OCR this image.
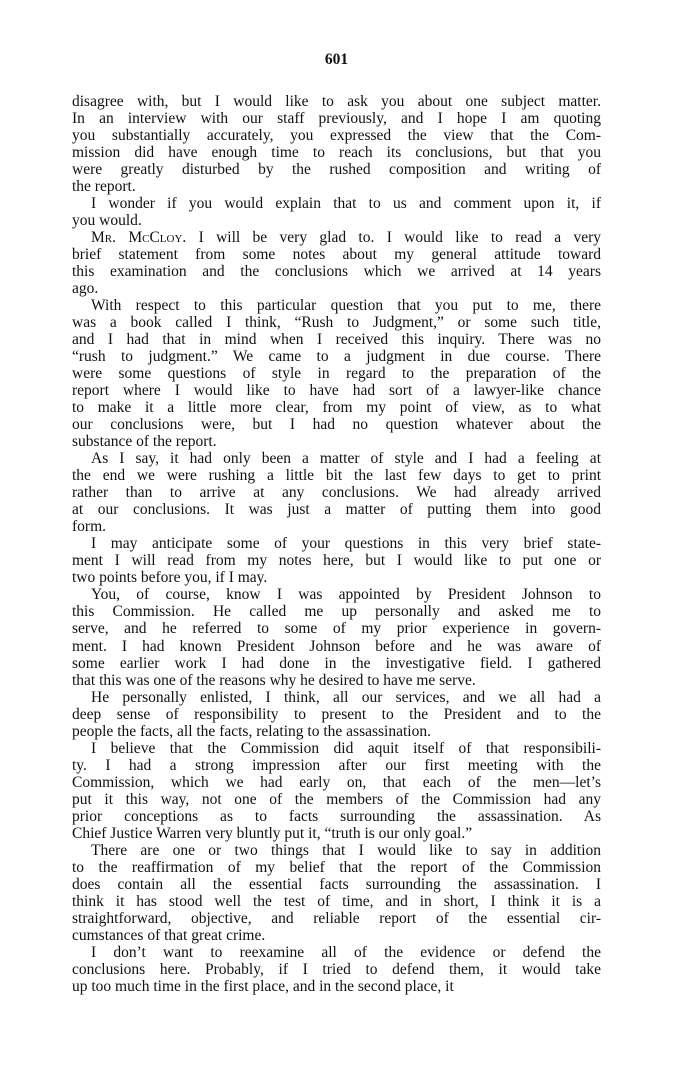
601
disagree with, but I would like to ask you about one subject matter.
In an interview with our staff previously, and I hope I am quoting
you substantially accurately, you expressed the view that the Com-
mission did have enough time to reach its conclusions, but that you
were greatly disturbed by the rushed composition and writing of
the report.
I wonder if you would explain that to us and comment upon it, if
you would.
Mr. McCloy. I will be very glad to. I would like to read a very
brief statement from some notes about my general attitude toward
this examination and the conclusions which we arrived at 14 years
ago.
With respect to this particular question that you put to me, there
was a book called I think, “Rush to Judgment,” or some such title,
and I had that in mind when I received this inquiry. There was no
“rush to judgment.” We came to a judgment in due course. There
were some questions of style in regard to the preparation of the
report where I would like to have had sort of a lawyer-like chance
to make it a little more clear, from my point of view, as to what
our conclusions were, but I had no question whatever about the
substance of the report.
As I say, it had only been a matter of style and I had a feeling at
the end we were rushing a little bit the last few days to get to print
rather than to arrive at any conclusions. We had already arrived
at our conclusions. It was just a matter of putting them into good
form.
I may anticipate some of your questions in this very brief state-
ment I will read from my notes here, but I would like to put one or
two points before you, if I may.
You, of course, know I was appointed by President Johnson to
this Commission. He called me up personally and asked me to
serve, and he referred to some of my prior experience in govern-
ment. I had known President Johnson before and he was aware of
some earlier work I had done in the investigative field. I gathered
that this was one of the reasons why he desired to have me serve.
He personally enlisted, I think, all our services, and we all had a
deep sense of responsibility to present to the President and to the
people the facts, all the facts, relating to the assassination.
I believe that the Commission did aquit itself of that responsibili-
ty. I had a strong impression after our first meeting with the
Commission, which we had early on, that each of the men—let’s
put it this way, not one of the members of the Commission had any
prior conceptions as to facts surrounding the assassination. As
Chief Justice Warren very bluntly put it, “truth is our only goal.”
There are one or two things that I would like to say in addition
to the reaffirmation of my belief that the report of the Commission
does contain all the essential facts surrounding the assassination. I
think it has stood well the test of time, and in short, I think it is a
straightforward, objective, and reliable report of the essential cir-
cumstances of that great crime.
I don’t want to reexamine all of the evidence or defend the
conclusions here. Probably, if I tried to defend them, it would take
up too much time in the first place, and in the second place, it
